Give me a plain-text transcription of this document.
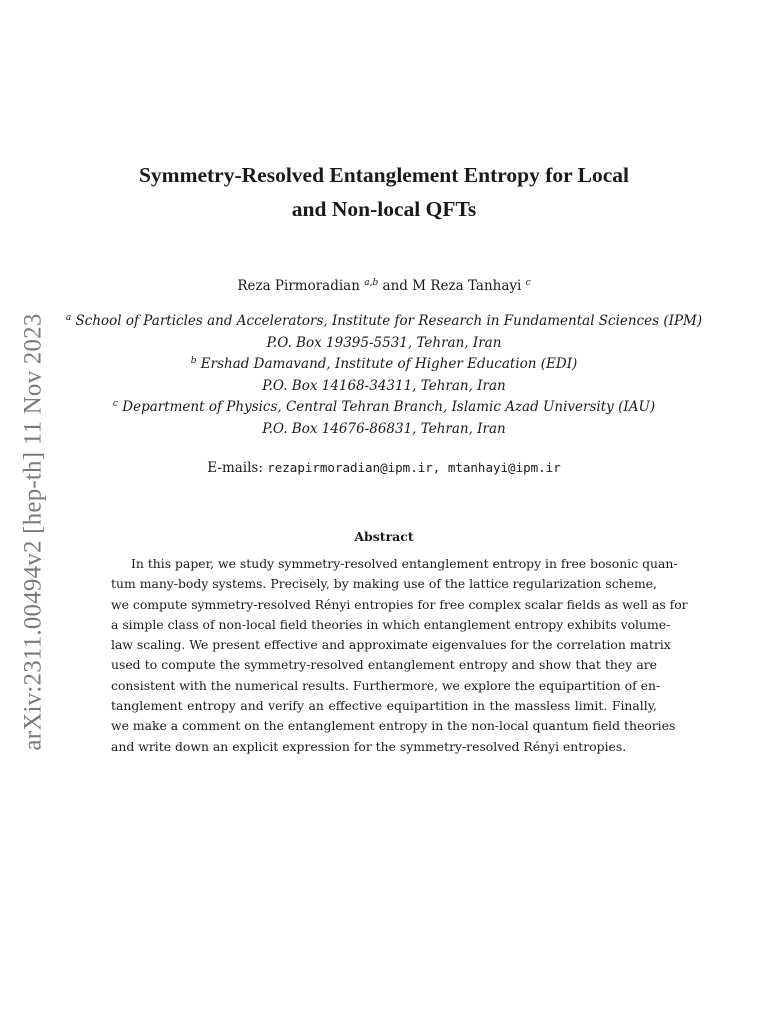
arXiv:2311.00494v2 [hep-th] 11 Nov 2023
Symmetry-Resolved Entanglement Entropy for Local
and Non-local QFTs
Reza Pirmoradian $^{a,b}$ and M Reza Tanhayi $^c$
$^a$ School of Particles and Accelerators, Institute for Research in Fundamental Sciences (IPM)
P.O. Box 19395-5531, Tehran, Iran
$^b$ Ershad Damavand, Institute of Higher Education (EDI)
P.O. Box 14168-34311, Tehran, Iran
$^c$ Department of Physics, Central Tehran Branch, Islamic Azad University (IAU)
P.O. Box 14676-86831, Tehran, Iran
E-mails: rezapirmoradian@ipm.ir, mtanhayi@ipm.ir
Abstract
In this paper, we study symmetry-resolved entanglement entropy in free bosonic quan-
tum many-body systems. Precisely, by making use of the lattice regularization scheme,
we compute symmetry-resolved Rényi entropies for free complex scalar fields as well as for
a simple class of non-local field theories in which entanglement entropy exhibits volume-
law scaling. We present effective and approximate eigenvalues for the correlation matrix
used to compute the symmetry-resolved entanglement entropy and show that they are
consistent with the numerical results. Furthermore, we explore the equipartition of en-
tanglement entropy and verify an effective equipartition in the massless limit. Finally,
we make a comment on the entanglement entropy in the non-local quantum field theories
and write down an explicit expression for the symmetry-resolved Rényi entropies.
